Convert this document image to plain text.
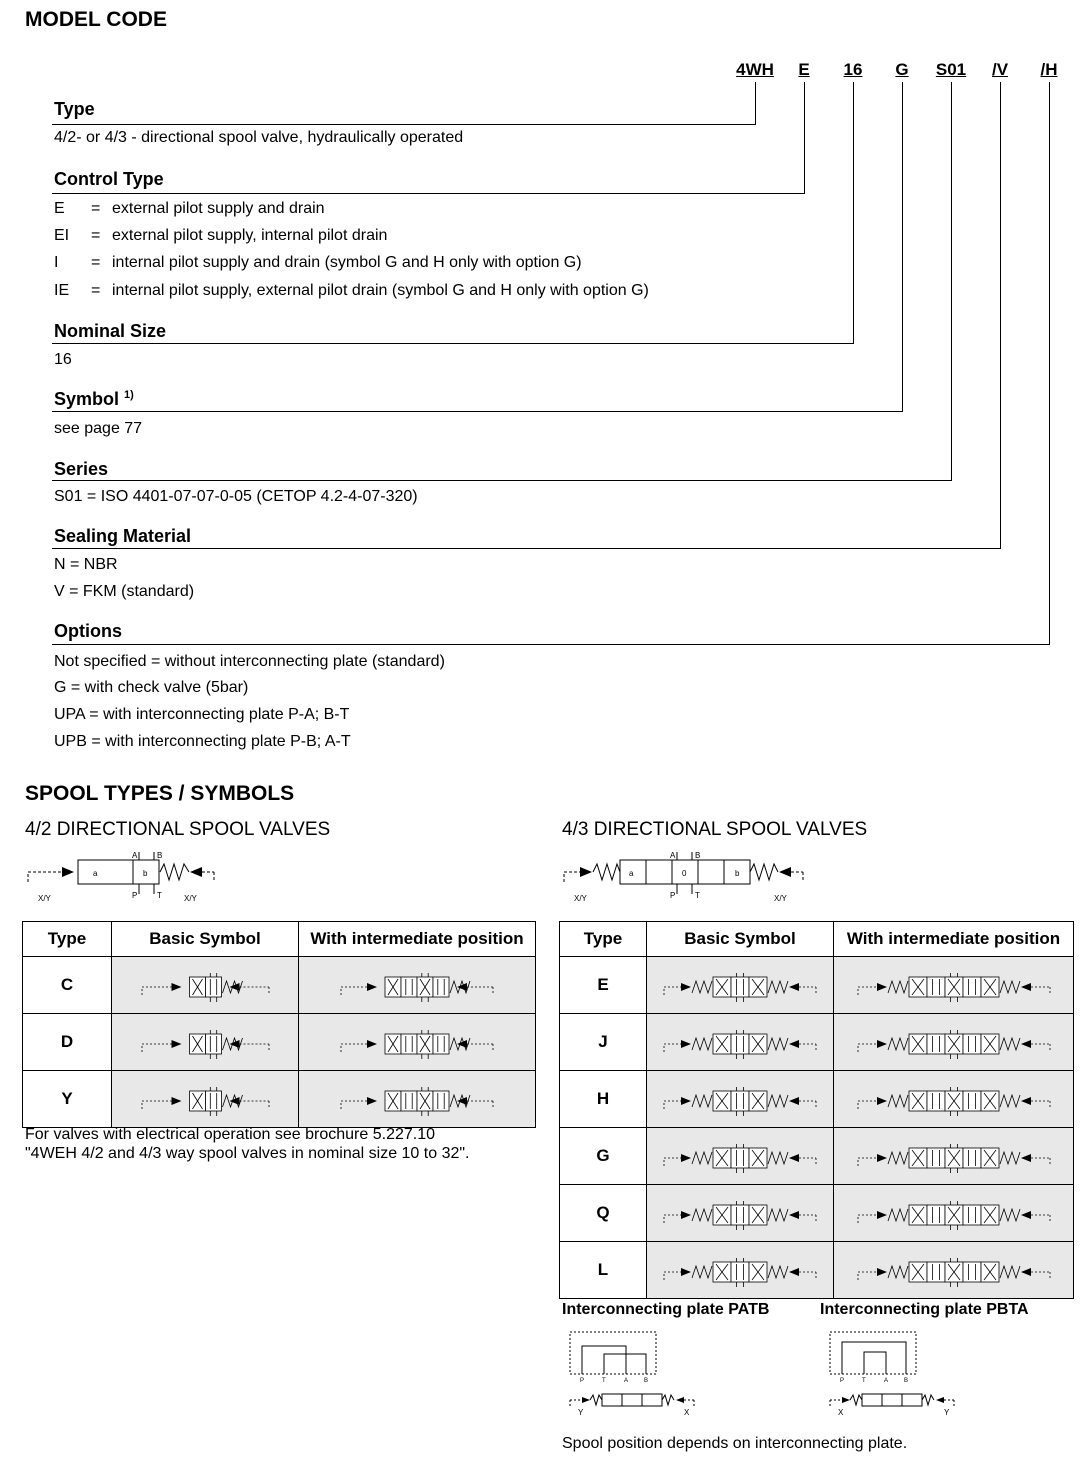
MODEL CODE
4WH	E 16 G S01 /V /H
Type
4/2- or 4/3 - directional spool valve, hydraulically operated
Control Type
E = external pilot supply and drain
EI = external pilot supply, internal pilot drain
I = internal pilot supply and drain (symbol G and H only with option G)
IE = internal pilot supply, external pilot drain (symbol G and H only with option G)
Nominal Size
16
Symbol $^{1)}$
see page 77
Series
S01 = ISO 4401-07-07-0-05 (CETOP 4.2-4-07-320)
Sealing Material
N = NBR
V = FKM (standard)
Options
Not specified = without interconnecting plate (standard)
G = with check valve (5bar)
UPA = with interconnecting plate P-A; B-T
UPB = with interconnecting plate P-B; A-T
SPOOL TYPES / SYMBOLS
4/2 DIRECTIONAL SPOOL VALVES	4/3 DIRECTIONAL SPOOL VALVES
a	b
A B
P T
X/Y	X/Y
a	0	b
A B
P T
X/Y	X/Y
Type	Basic Symbol	With intermediate position
C	

D	

Y	

For valves with electrical operation see brochure 5.227.10
"4WEH 4/2 and 4/3 way spool valves in nominal size 10 to 32".
Type	Basic Symbol	With intermediate position
E	

J	

H	

G	

Q	

L	

Interconnecting plate PATB	Interconnecting plate PBTA
P	T	A	B
Y	X
P	T	A	B
X	Y
Spool position depends on interconnecting plate.
